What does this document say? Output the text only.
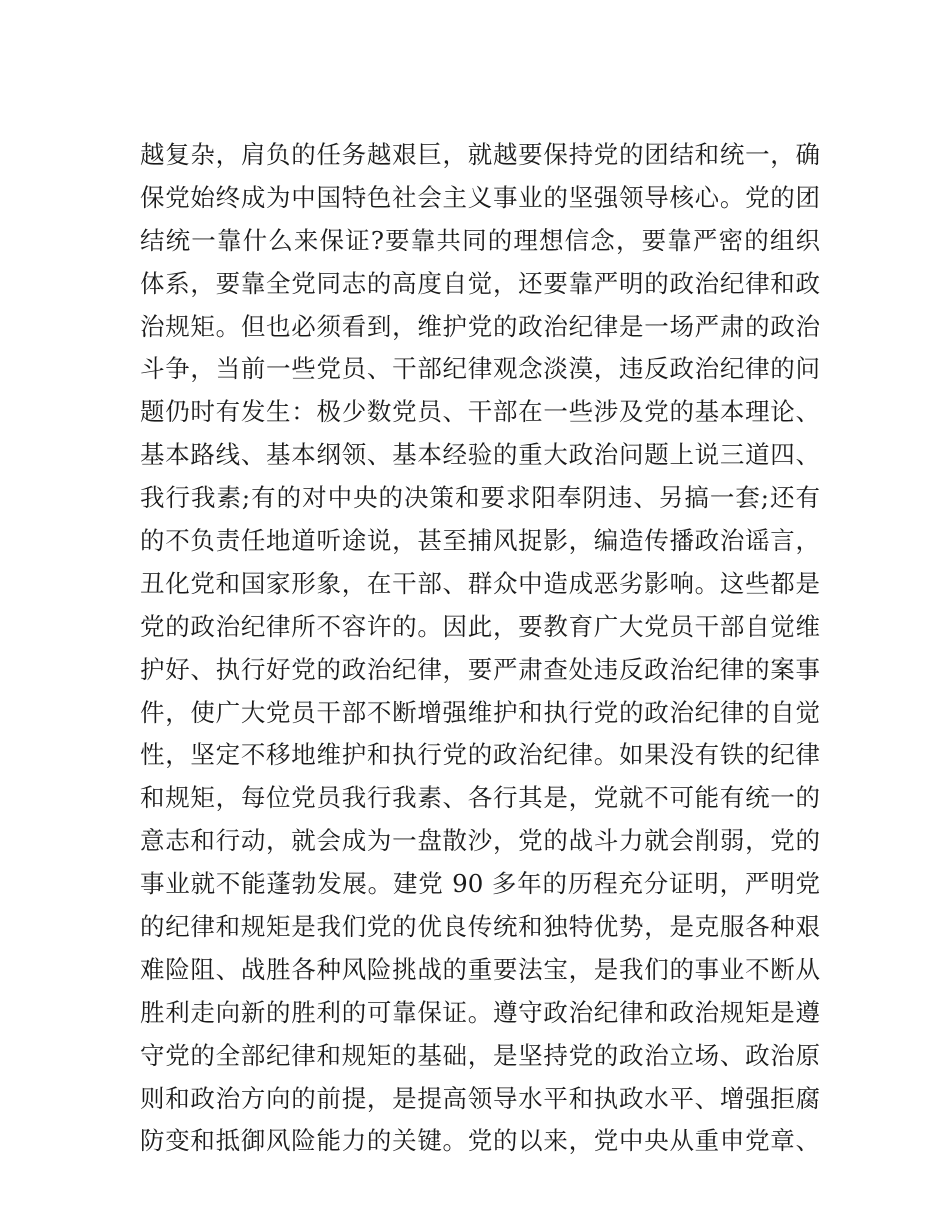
越复杂，肩负的任务越艰巨，就越要保持党的团结和统一，确
保党始终成为中国特色社会主义事业的坚强领导核心。党的团
结统一靠什么来保证?要靠共同的理想信念，要靠严密的组织
体系，要靠全党同志的高度自觉，还要靠严明的政治纪律和政
治规矩。但也必须看到，维护党的政治纪律是一场严肃的政治
斗争，当前一些党员、干部纪律观念淡漠，违反政治纪律的问
题仍时有发生：极少数党员、干部在一些涉及党的基本理论、
基本路线、基本纲领、基本经验的重大政治问题上说三道四、
我行我素;有的对中央的决策和要求阳奉阴违、另搞一套;还有
的不负责任地道听途说，甚至捕风捉影，编造传播政治谣言，
丑化党和国家形象，在干部、群众中造成恶劣影响。这些都是
党的政治纪律所不容许的。因此，要教育广大党员干部自觉维
护好、执行好党的政治纪律，要严肃查处违反政治纪律的案事
件，使广大党员干部不断增强维护和执行党的政治纪律的自觉
性，坚定不移地维护和执行党的政治纪律。如果没有铁的纪律
和规矩，每位党员我行我素、各行其是，党就不可能有统一的
意志和行动，就会成为一盘散沙，党的战斗力就会削弱，党的
事业就不能蓬勃发展。建党 90 多年的历程充分证明，严明党
的纪律和规矩是我们党的优良传统和独特优势，是克服各种艰
难险阻、战胜各种风险挑战的重要法宝，是我们的事业不断从
胜利走向新的胜利的可靠保证。遵守政治纪律和政治规矩是遵
守党的全部纪律和规矩的基础，是坚持党的政治立场、政治原
则和政治方向的前提，是提高领导水平和执政水平、增强拒腐
防变和抵御风险能力的关键。党的以来，党中央从重申党章、
